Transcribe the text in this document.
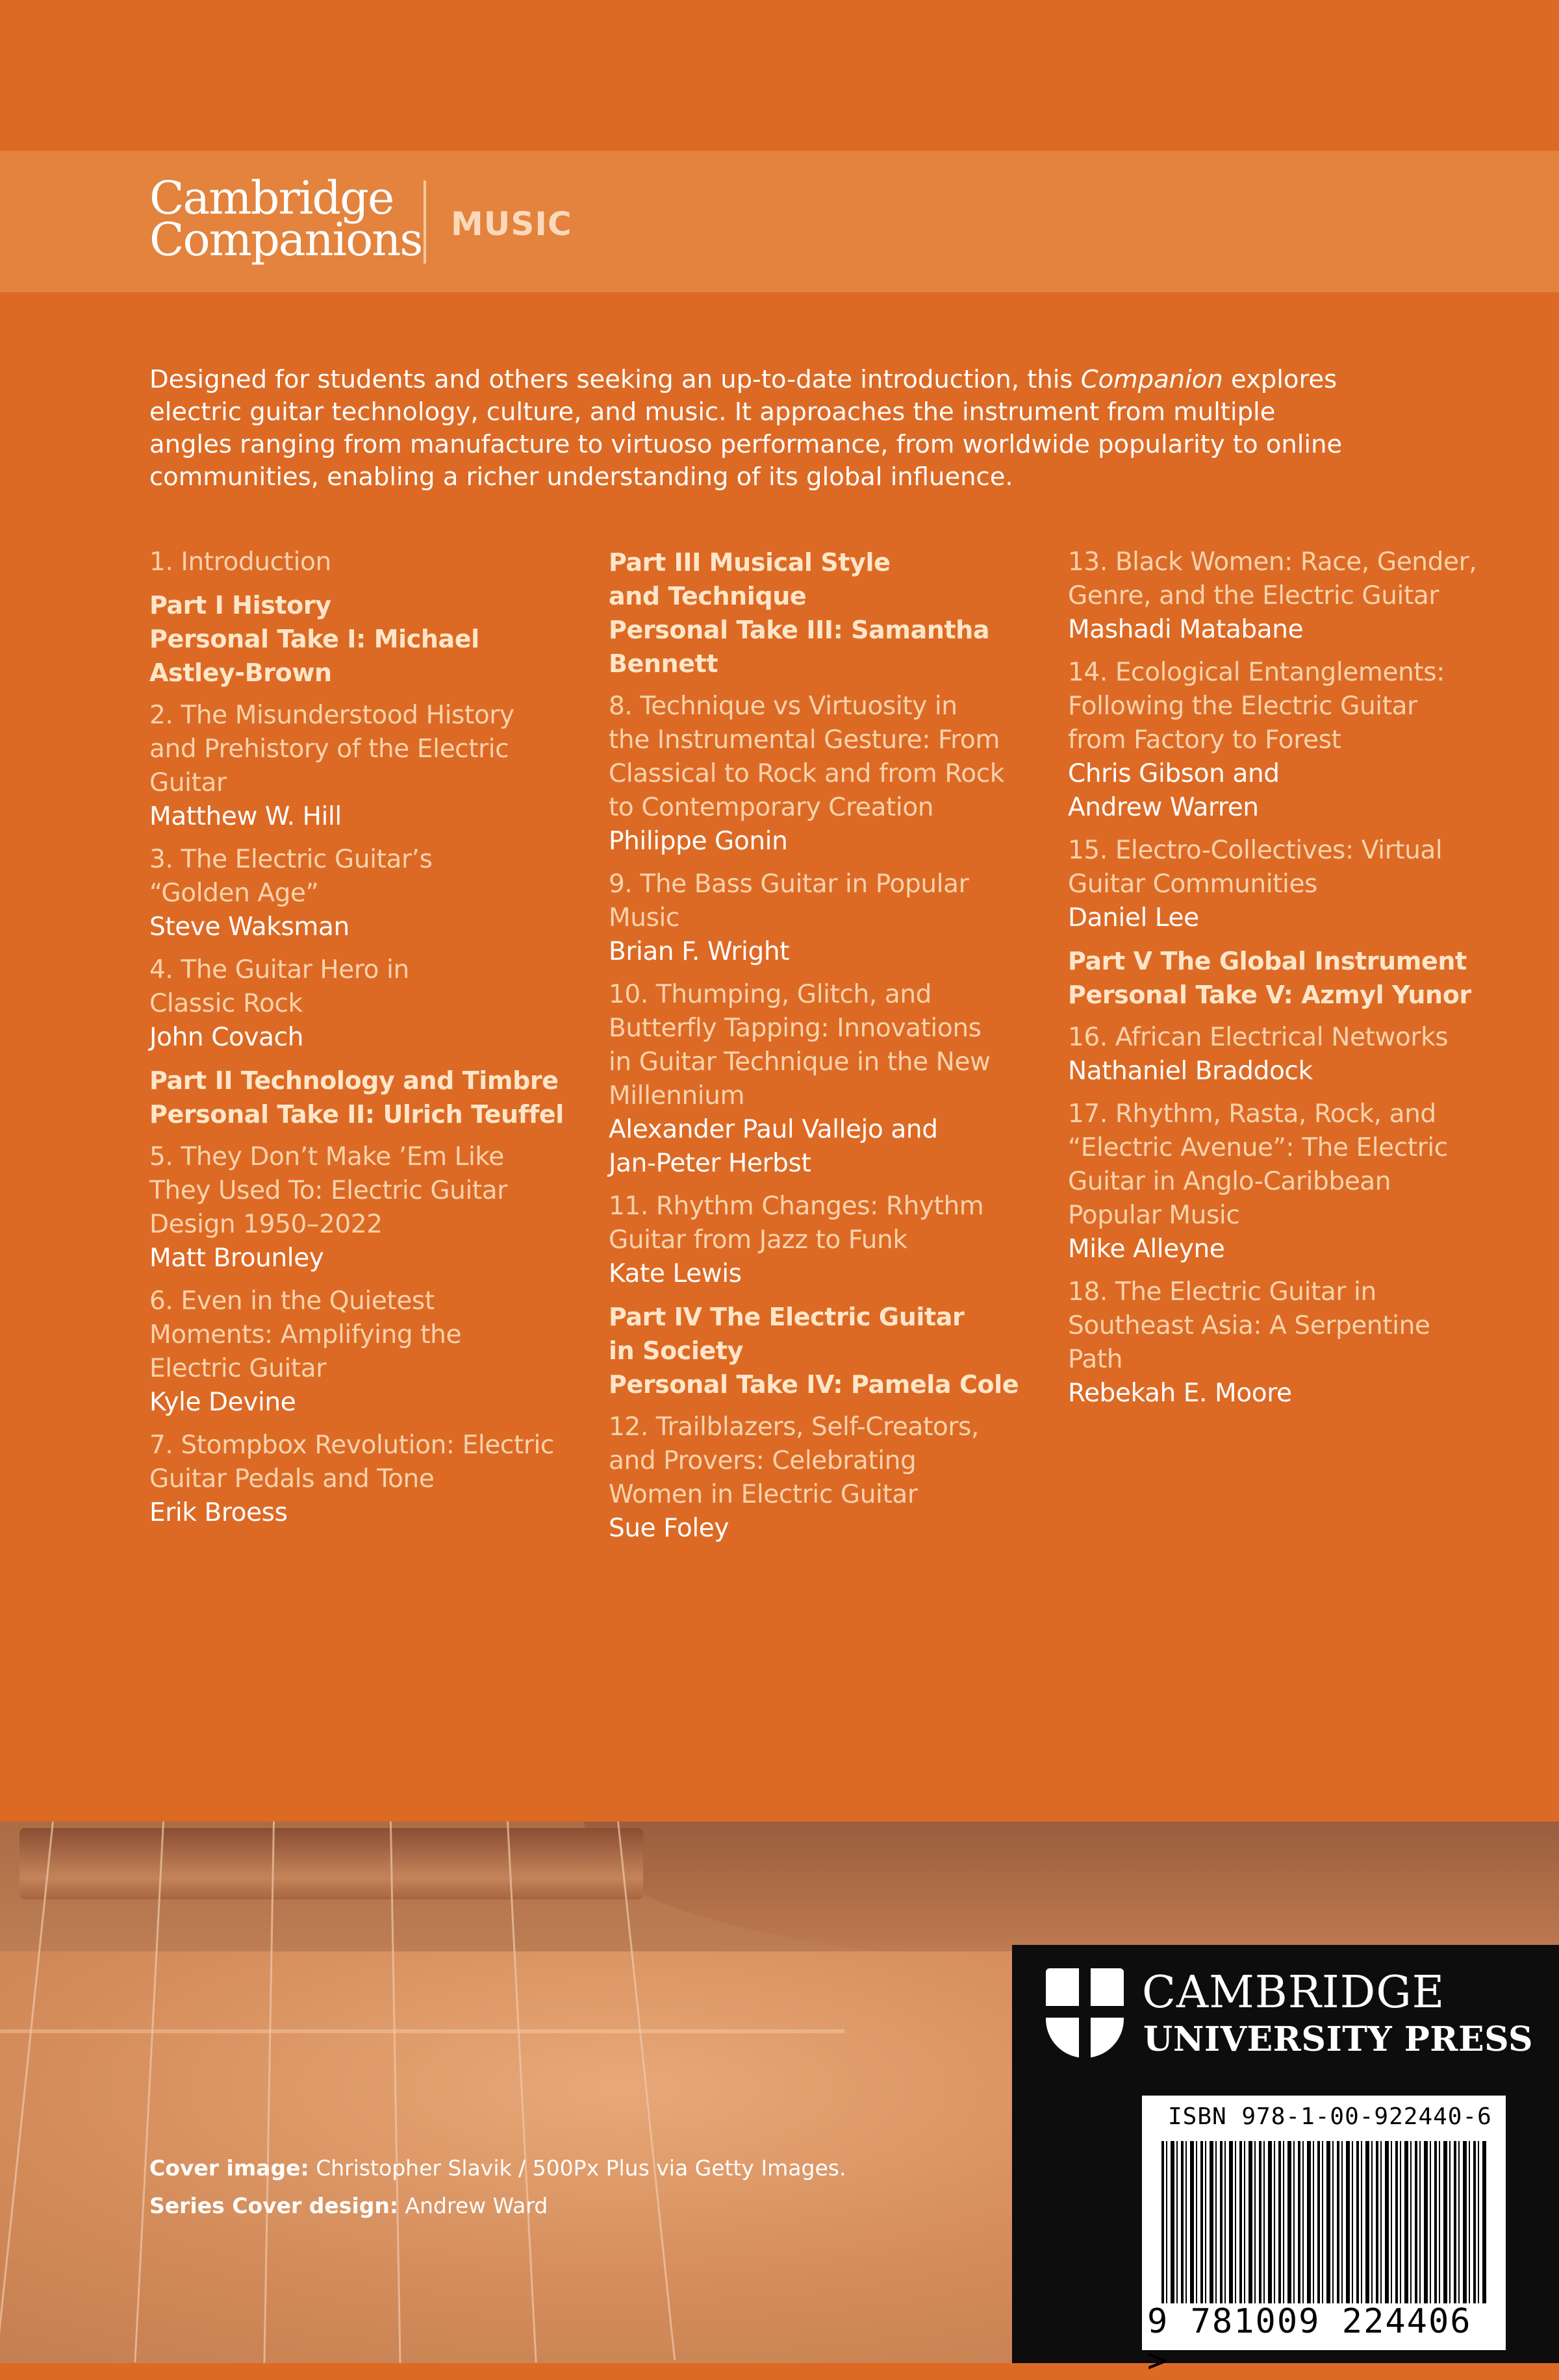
Cambridge
Companions MUSIC

Designed for students and others seeking an up-to-date introduction, this Companion explores

electric guitar technology, culture, and music. It approaches the instrument from multiple

angles ranging from manufacture to virtuoso performance, from worldwide popularity to online

communities, enabling a richer understanding of its global influence.

1. Introduction
Part I History
Personal Take I: Michael
Astley-Brown
2. The Misunderstood History
and Prehistory of the Electric
Guitar
Matthew W. Hill
3. The Electric Guitar’s
“Golden Age”
Steve Waksman
4. The Guitar Hero in
Classic Rock
John Covach
Part II Technology and Timbre
Personal Take II: Ulrich Teuffel
5. They Don’t Make ’Em Like
They Used To: Electric Guitar
Design 1950–2022
Matt Brounley
6. Even in the Quietest
Moments: Amplifying the
Electric Guitar
Kyle Devine
7. Stompbox Revolution: Electric
Guitar Pedals and Tone
Erik Broess
Part III Musical Style
and Technique
Personal Take III: Samantha
Bennett
8. Technique vs Virtuosity in
the Instrumental Gesture: From
Classical to Rock and from Rock
to Contemporary Creation
Philippe Gonin
9. The Bass Guitar in Popular
Music
Brian F. Wright
10. Thumping, Glitch, and
Butterfly Tapping: Innovations
in Guitar Technique in the New
Millennium
Alexander Paul Vallejo and
Jan-Peter Herbst
11. Rhythm Changes: Rhythm
Guitar from Jazz to Funk
Kate Lewis
Part IV The Electric Guitar
in Society
Personal Take IV: Pamela Cole
12. Trailblazers, Self-Creators,
and Provers: Celebrating
Women in Electric Guitar
Sue Foley
13. Black Women: Race, Gender,
Genre, and the Electric Guitar
Mashadi Matabane
14. Ecological Entanglements:
Following the Electric Guitar
from Factory to Forest
Chris Gibson and
Andrew Warren
15. Electro-Collectives: Virtual
Guitar Communities
Daniel Lee
Part V The Global Instrument
Personal Take V: Azmyl Yunor
16. African Electrical Networks
Nathaniel Braddock
17. Rhythm, Rasta, Rock, and
“Electric Avenue”: The Electric
Guitar in Anglo-Caribbean
Popular Music
Mike Alleyne
18. The Electric Guitar in
Southeast Asia: A Serpentine
Path
Rebekah E. Moore
Cover image: Christopher Slavik / 500Px Plus via Getty Images.
Series Cover design: Andrew Ward
CAMBRIDGE
UNIVERSITY PRESS
ISBN 978-1-00-922440-6
9 781009 224406 >
